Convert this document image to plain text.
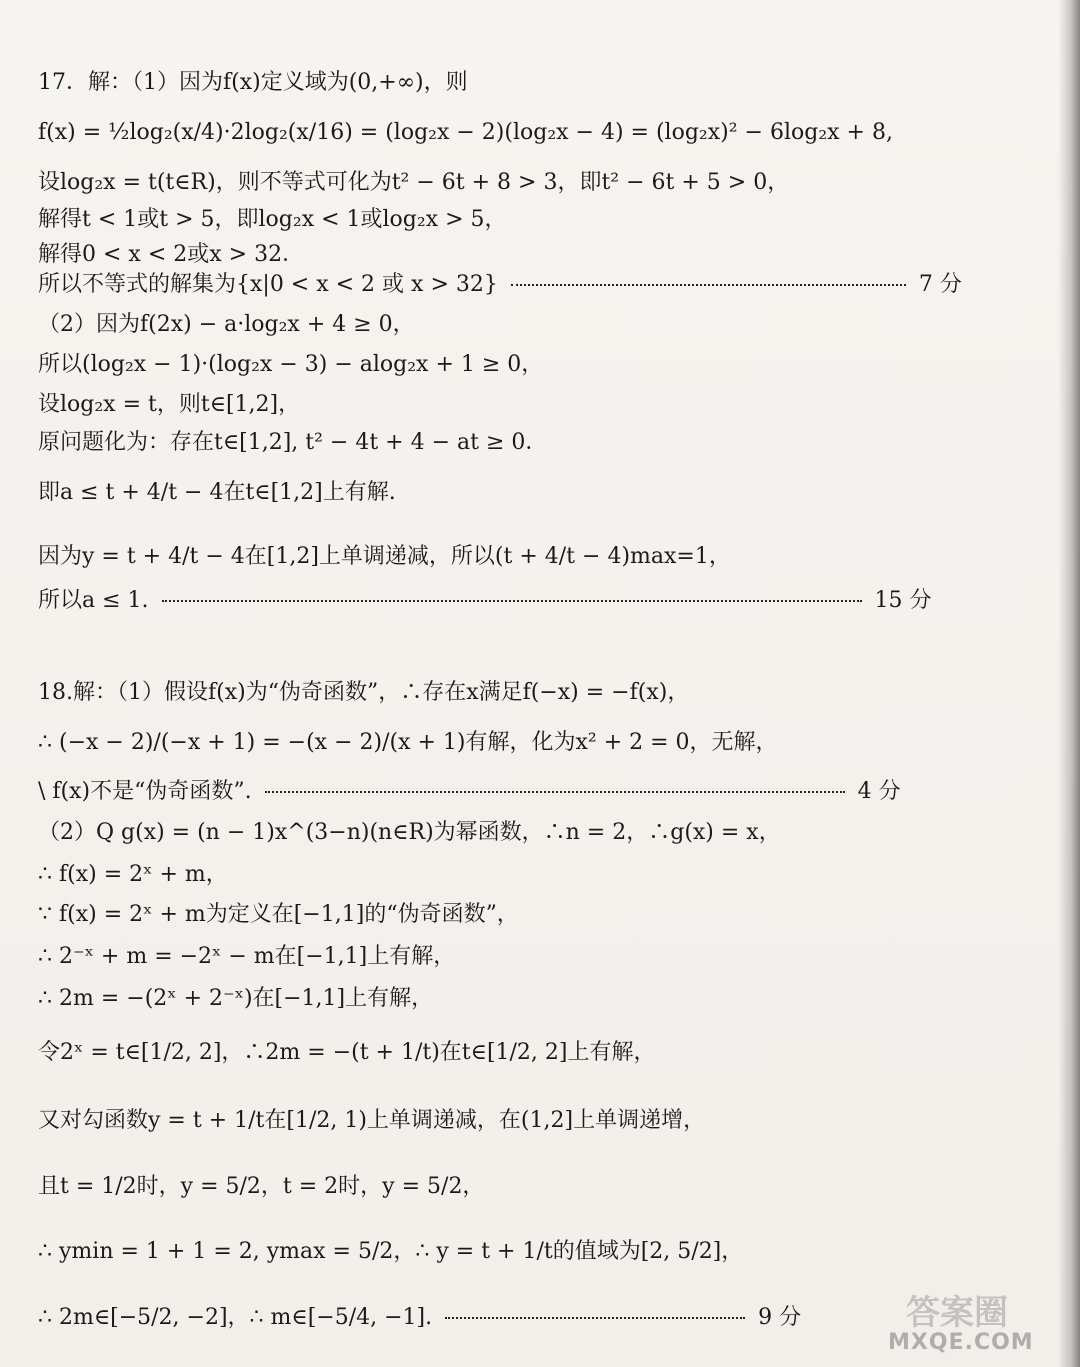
17．解：（1）因为f(x)定义域为(0,+∞)，则
f(x) = ½log₂(x/4)·2log₂(x/16) = (log₂x − 2)(log₂x − 4) = (log₂x)² − 6log₂x + 8,
设log₂x = t(t∈R)，则不等式可化为t² − 6t + 8 > 3，即t² − 6t + 5 > 0，
解得t < 1或t > 5，即log₂x < 1或log₂x > 5，
解得0 < x < 2或x > 32．
所以不等式的解集为{x|0 < x < 2 或 x > 32}	7 分
（2）因为f(2x) − a·log₂x + 4 ≥ 0，
所以(log₂x − 1)·(log₂x − 3) − alog₂x + 1 ≥ 0，
设log₂x = t，则t∈[1,2]，
原问题化为：存在t∈[1,2], t² − 4t + 4 − at ≥ 0．
即a ≤ t + 4/t − 4在t∈[1,2]上有解.
因为y = t + 4/t − 4在[1,2]上单调递减，所以(t + 4/t − 4)max=1，
所以a ≤ 1.	15 分
18.解：（1）假设f(x)为“伪奇函数”，∴存在x满足f(−x) = −f(x)，
∴ (−x − 2)/(−x + 1) = −(x − 2)/(x + 1)有解，化为x² + 2 = 0，无解，
\ f(x)不是“伪奇函数”.	4 分
（2）Q g(x) = (n − 1)x^(3−n)(n∈R)为幂函数，∴n = 2，∴g(x) = x，
∴ f(x) = 2ˣ + m，
∵ f(x) = 2ˣ + m为定义在[−1,1]的“伪奇函数”，
∴ 2⁻ˣ + m = −2ˣ − m在[−1,1]上有解，
∴ 2m = −(2ˣ + 2⁻ˣ)在[−1,1]上有解，
令2ˣ = t∈[1/2, 2]，∴2m = −(t + 1/t)在t∈[1/2, 2]上有解，
又对勾函数y = t + 1/t在[1/2, 1)上单调递减，在(1,2]上单调递增，
且t = 1/2时，y = 5/2，t = 2时，y = 5/2，
∴ ymin = 1 + 1 = 2, ymax = 5/2，∴ y = t + 1/t的值域为[2, 5/2]，
∴ 2m∈[−5/2, −2]，∴ m∈[−5/4, −1].	9 分	答案圈
MXQE.COM
